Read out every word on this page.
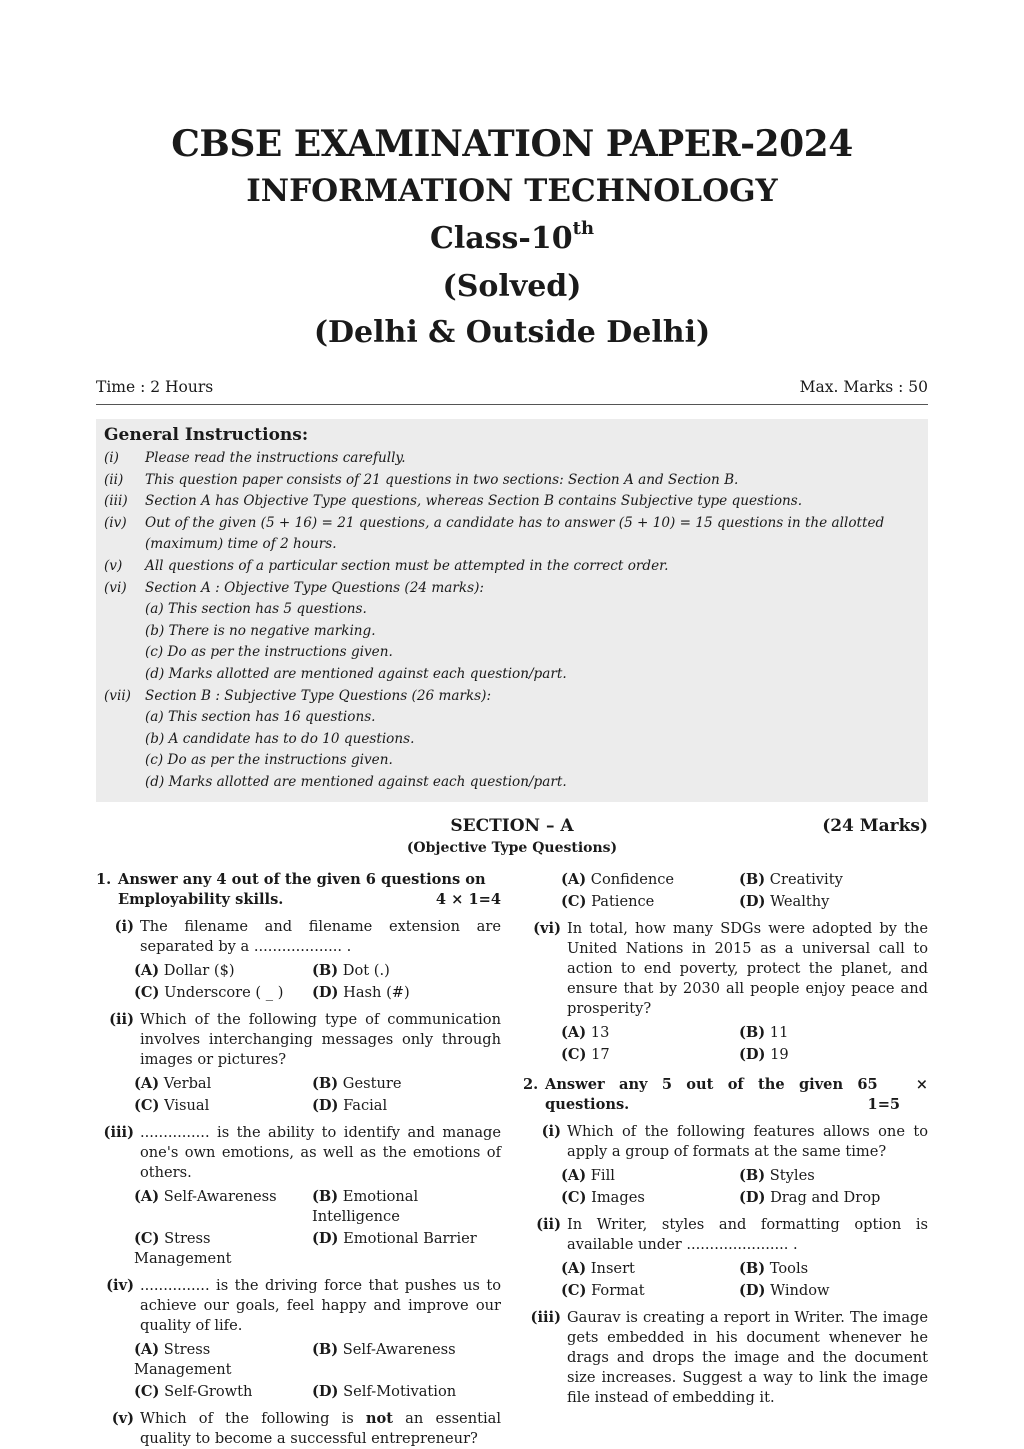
CBSE EXAMINATION PAPER-2024
INFORMATION TECHNOLOGY
Class-10th
(Solved)
(Delhi & Outside Delhi)
Time : 2 Hours	Max. Marks : 50
General Instructions:
(i)	Please read the instructions carefully.
(ii)	This question paper consists of 21 questions in two sections: Section A and Section B.
(iii)	Section A has Objective Type questions, whereas Section B contains Subjective type questions.
(iv)	Out of the given (5 + 16) = 21 questions, a candidate has to answer (5 + 10) = 15 questions in the allotted (maximum) time of 2 hours.
(v)	All questions of a particular section must be attempted in the correct order.
(vi)	Section A : Objective Type Questions (24 marks):
(a) This section has 5 questions.
(b) There is no negative marking.
(c) Do as per the instructions given.
(d) Marks allotted are mentioned against each question/part.
(vii)	Section B : Subjective Type Questions (26 marks):
(a) This section has 16 questions.
(b) A candidate has to do 10 questions.
(c) Do as per the instructions given.
(d) Marks allotted are mentioned against each question/part.
SECTION – A	(24 Marks)
(Objective Type Questions)
1. Answer any 4 out of the given 6 questions on
Employability skills.	4 × 1=4
(i) The filename and filename extension are separated by a ................... .
(A) Dollar ($)	(B) Dot (.)
(C) Underscore ( _ )	(D) Hash (#)
(ii) Which of the following type of communication involves interchanging messages only through images or pictures?
(A) Verbal	(B) Gesture
(C) Visual	(D) Facial
(iii) ............... is the ability to identify and manage one's own emotions, as well as the emotions of others.
(A) Self-Awareness	(B) Emotional Intelligence
(C) Stress Management
(D) Emotional Barrier
(iv) ............... is the driving force that pushes us to achieve our goals, feel happy and improve our quality of life.
(A) Stress Management
(B) Self-Awareness
(C) Self-Growth	(D) Self-Motivation
(v) Which of the following is not an essential quality to become a successful entrepreneur?
(A) Confidence	(B) Creativity
(C) Patience	(D) Wealthy
(vi) In total, how many SDGs were adopted by the United Nations in 2015 as a universal call to action to end poverty, protect the planet, and ensure that by 2030 all people enjoy peace and prosperity?
(A) 13	(B) 11
(C) 17	(D) 19
2. Answer any 5 out of the given 6 questions.
5 × 1=5
(i) Which of the following features allows one to apply a group of formats at the same time?
(A) Fill	(B) Styles
(C) Images	(D) Drag and Drop
(ii) In Writer, styles and formatting option is available under ...................... .
(A) Insert	(B) Tools
(C) Format	(D) Window
(iii) Gaurav is creating a report in Writer. The image gets embedded in his document whenever he drags and drops the image and the document size increases. Suggest a way to link the image file instead of embedding it.
